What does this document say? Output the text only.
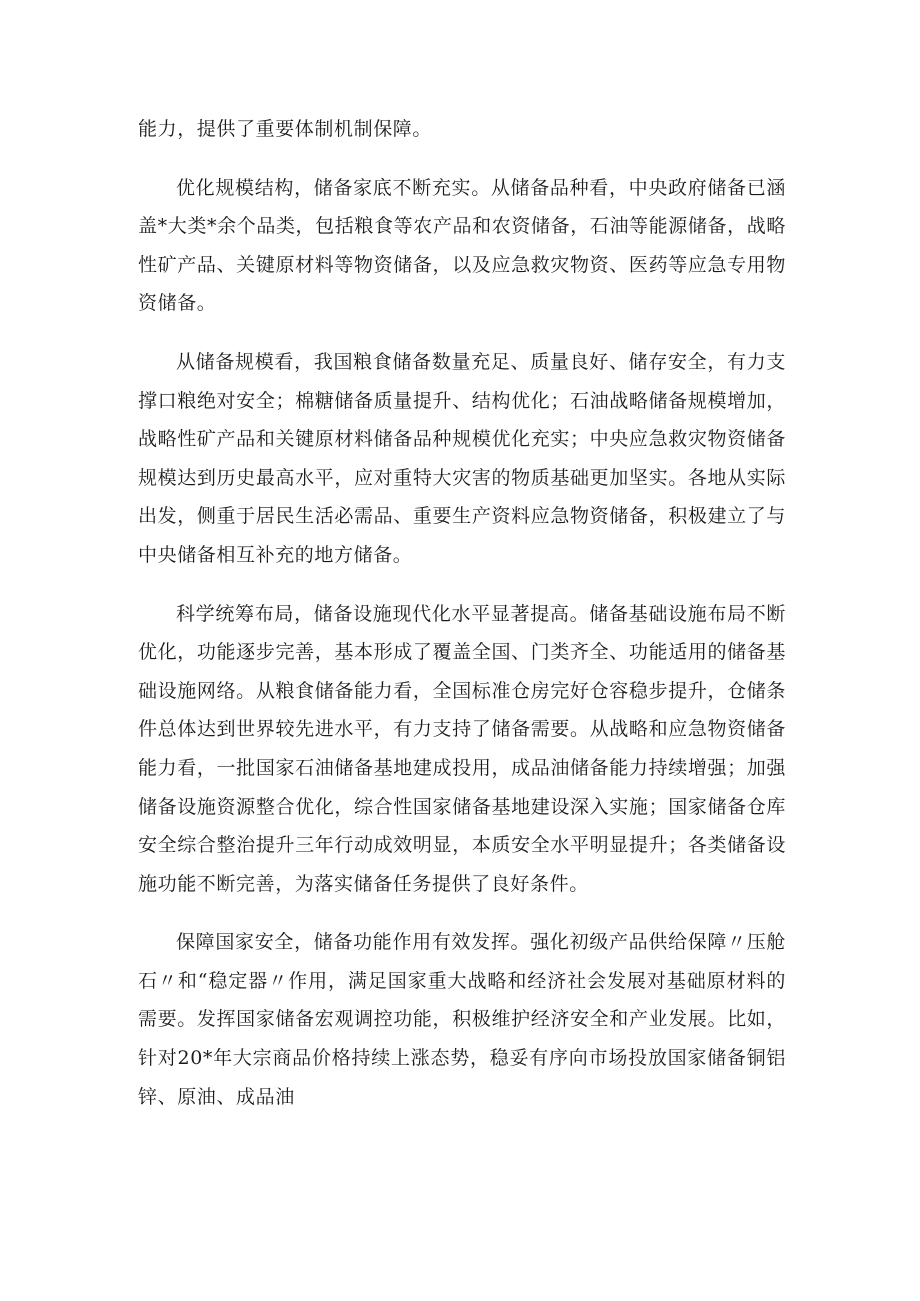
能力，提供了重要体制机制保障。

优化规模结构，储备家底不断充实。从储备品种看，中央政府储备已涵盖*大类*余个品类，包括粮食等农产品和农资储备，石油等能源储备，战略性矿产品、关键原材料等物资储备，以及应急救灾物资、医药等应急专用物资储备。

从储备规模看，我国粮食储备数量充足、质量良好、储存安全，有力支撑口粮绝对安全；棉糖储备质量提升、结构优化；石油战略储备规模增加，战略性矿产品和关键原材料储备品种规模优化充实；中央应急救灾物资储备规模达到历史最高水平，应对重特大灾害的物质基础更加坚实。各地从实际出发，侧重于居民生活必需品、重要生产资料应急物资储备，积极建立了与中央储备相互补充的地方储备。

科学统筹布局，储备设施现代化水平显著提高。储备基础设施布局不断优化，功能逐步完善，基本形成了覆盖全国、门类齐全、功能适用的储备基础设施网络。从粮食储备能力看，全国标准仓房完好仓容稳步提升，仓储条件总体达到世界较先进水平，有力支持了储备需要。从战略和应急物资储备能力看，一批国家石油储备基地建成投用，成品油储备能力持续增强；加强储备设施资源整合优化，综合性国家储备基地建设深入实施；国家储备仓库安全综合整治提升三年行动成效明显，本质安全水平明显提升；各类储备设施功能不断完善，为落实储备任务提供了良好条件。

保障国家安全，储备功能作用有效发挥。强化初级产品供给保障〃压舱石〃和“稳定器〃作用，满足国家重大战略和经济社会发展对基础原材料的需要。发挥国家储备宏观调控功能，积极维护经济安全和产业发展。比如，针对20*年大宗商品价格持续上涨态势，稳妥有序向市场投放国家储备铜铝锌、原油、成品油
